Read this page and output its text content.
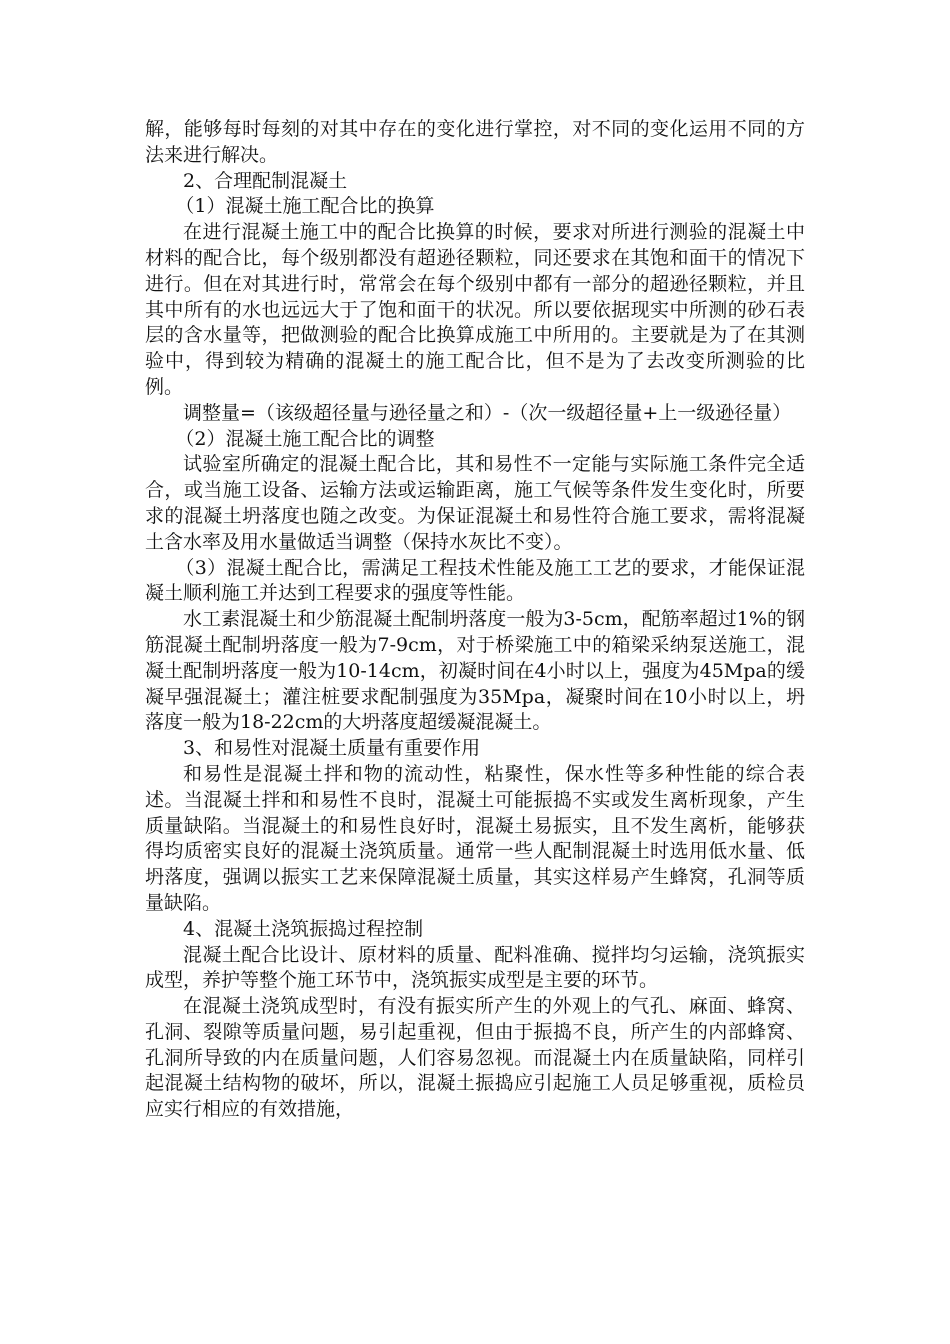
解，能够每时每刻的对其中存在的变化进行掌控，对不同的变化运用不同的方法来进行解决。

2、合理配制混凝土

（1）混凝土施工配合比的换算

在进行混凝土施工中的配合比换算的时候，要求对所进行测验的混凝土中材料的配合比，每个级别都没有超逊径颗粒，同还要求在其饱和面干的情况下进行。但在对其进行时，常常会在每个级别中都有一部分的超逊径颗粒，并且其中所有的水也远远大于了饱和面干的状况。所以要依据现实中所测的砂石表层的含水量等，把做测验的配合比换算成施工中所用的。主要就是为了在其测验中，得到较为精确的混凝土的施工配合比，但不是为了去改变所测验的比例。

调整量=（该级超径量与逊径量之和）-（次一级超径量+上一级逊径量）

（2）混凝土施工配合比的调整

试验室所确定的混凝土配合比，其和易性不一定能与实际施工条件完全适合，或当施工设备、运输方法或运输距离，施工气候等条件发生变化时，所要求的混凝土坍落度也随之改变。为保证混凝土和易性符合施工要求，需将混凝土含水率及用水量做适当调整（保持水灰比不变）。

（3）混凝土配合比，需满足工程技术性能及施工工艺的要求，才能保证混凝土顺利施工并达到工程要求的强度等性能。

水工素混凝土和少筋混凝土配制坍落度一般为3-5cm，配筋率超过1%的钢筋混凝土配制坍落度一般为7-9cm，对于桥梁施工中的箱梁采纳泵送施工，混凝土配制坍落度一般为10-14cm，初凝时间在4小时以上，强度为45Mpa的缓凝早强混凝土；灌注桩要求配制强度为35Mpa，凝聚时间在10小时以上，坍落度一般为18-22cm的大坍落度超缓凝混凝土。

3、和易性对混凝土质量有重要作用

和易性是混凝土拌和物的流动性，粘聚性，保水性等多种性能的综合表述。当混凝土拌和和易性不良时，混凝土可能振捣不实或发生离析现象，产生质量缺陷。当混凝土的和易性良好时，混凝土易振实，且不发生离析，能够获得均质密实良好的混凝土浇筑质量。通常一些人配制混凝土时选用低水量、低坍落度，强调以振实工艺来保障混凝土质量，其实这样易产生蜂窝，孔洞等质量缺陷。

4、混凝土浇筑振捣过程控制

混凝土配合比设计、原材料的质量、配料准确、搅拌均匀运输，浇筑振实成型，养护等整个施工环节中，浇筑振实成型是主要的环节。

在混凝土浇筑成型时，有没有振实所产生的外观上的气孔、麻面、蜂窝、孔洞、裂隙等质量问题，易引起重视，但由于振捣不良，所产生的内部蜂窝、孔洞所导致的内在质量问题，人们容易忽视。而混凝土内在质量缺陷，同样引起混凝土结构物的破坏，所以，混凝土振捣应引起施工人员足够重视，质检员应实行相应的有效措施，
